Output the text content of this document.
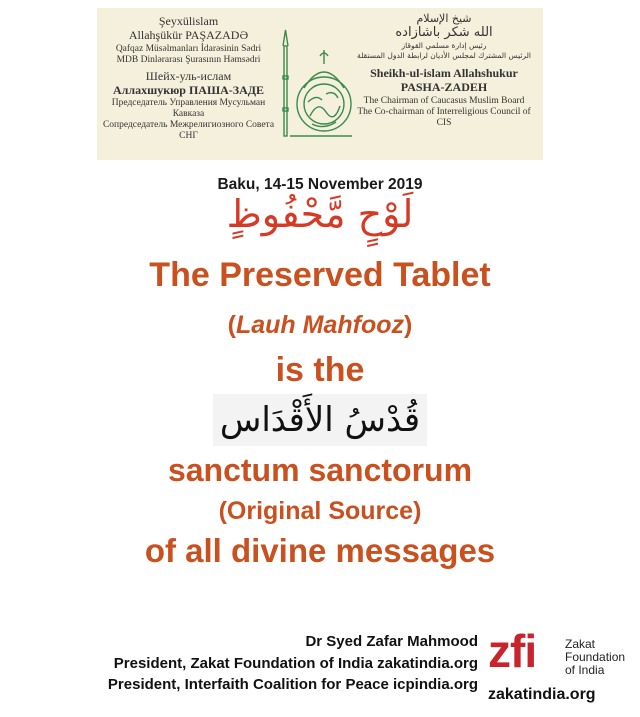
Şeyxülislam
Allahşükür PAŞAZADƏ
Qafqaz Müsəlmanları İdarəsinin Sədri
MDB Dinlərarası Şurasının Həmsədri
Шейх-уль-ислам
Аллахшукюр ПАША-ЗАДЕ
Председатель Управления Мусульман Кавказа
Сопредседатель Межрелигиозного Совета СНГ
شيخ الإسلام
الله شكر باشازاده
رئيس إدارة مسلمي القوقاز
الرئيس المشترك لمجلس الأديان لرابطة الدول المستقلة
Sheikh-ul-islam Allahshukur
PASHA-ZADEH
The Chairman of Caucasus Muslim Board
The Co-chairman of Interreligious Council of CIS
Baku, 14-15 November 2019
لَوْحٍ مَّحْفُوظٍ
The Preserved Tablet
(Lauh Mahfooz)
is the
قُدْسُ الأَقْدَاس
sanctum sanctorum
(Original Source)
of all divine messages
Dr Syed Zafar Mahmood
President, Zakat Foundation of India zakatindia.org
President, Interfaith Coalition for Peace icpindia.org
zfi Zakat
Foundation
of India
zakatindia.org
